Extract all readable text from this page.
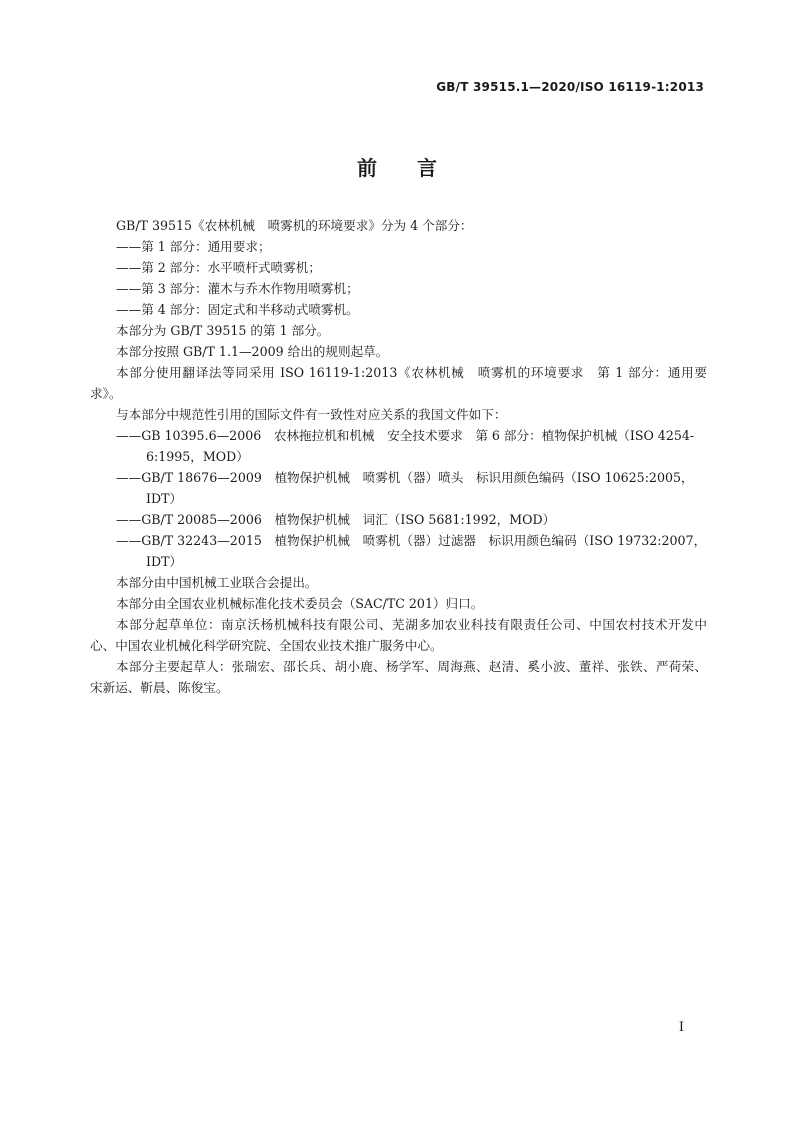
GB/T 39515.1—2020/ISO 16119-1:2013
前言

GB/T 39515《农林机械　喷雾机的环境要求》分为 4 个部分：

——第 1 部分：通用要求；

——第 2 部分：水平喷杆式喷雾机；

——第 3 部分：灌木与乔木作物用喷雾机；

——第 4 部分：固定式和半移动式喷雾机。

本部分为 GB/T 39515 的第 1 部分。

本部分按照 GB/T 1.1—2009 给出的规则起草。

本部分使用翻译法等同采用 ISO 16119-1:2013《农林机械　喷雾机的环境要求　第 1 部分：通用要求》。

与本部分中规范性引用的国际文件有一致性对应关系的我国文件如下：

——GB 10395.6—2006　农林拖拉机和机械　安全技术要求　第 6 部分：植物保护机械（ISO 4254-6:1995，MOD）

——GB/T 18676—2009　植物保护机械　喷雾机（器）喷头　标识用颜色编码（ISO 10625:2005，IDT）

——GB/T 20085—2006　植物保护机械　词汇（ISO 5681:1992，MOD）

——GB/T 32243—2015　植物保护机械　喷雾机（器）过滤器　标识用颜色编码（ISO 19732:2007，IDT）

本部分由中国机械工业联合会提出。

本部分由全国农业机械标准化技术委员会（SAC/TC 201）归口。

本部分起草单位：南京沃杨机械科技有限公司、芜湖多加农业科技有限责任公司、中国农村技术开发中心、中国农业机械化科学研究院、全国农业技术推广服务中心。

本部分主要起草人：张瑞宏、邵长兵、胡小鹿、杨学军、周海燕、赵清、奚小波、董祥、张铁、严荷荣、宋新运、靳晨、陈俊宝。

I
